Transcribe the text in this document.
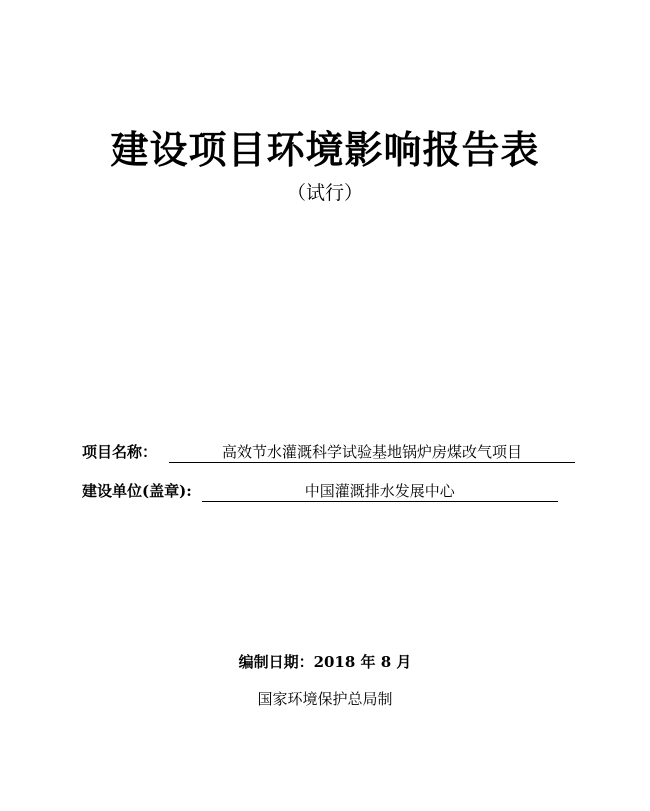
建设项目环境影响报告表
（试行）
项目名称：	高效节水灌溉科学试验基地锅炉房煤改气项目
建设单位(盖章):	中国灌溉排水发展中心
编制日期：2018 年 8 月
国家环境保护总局制
